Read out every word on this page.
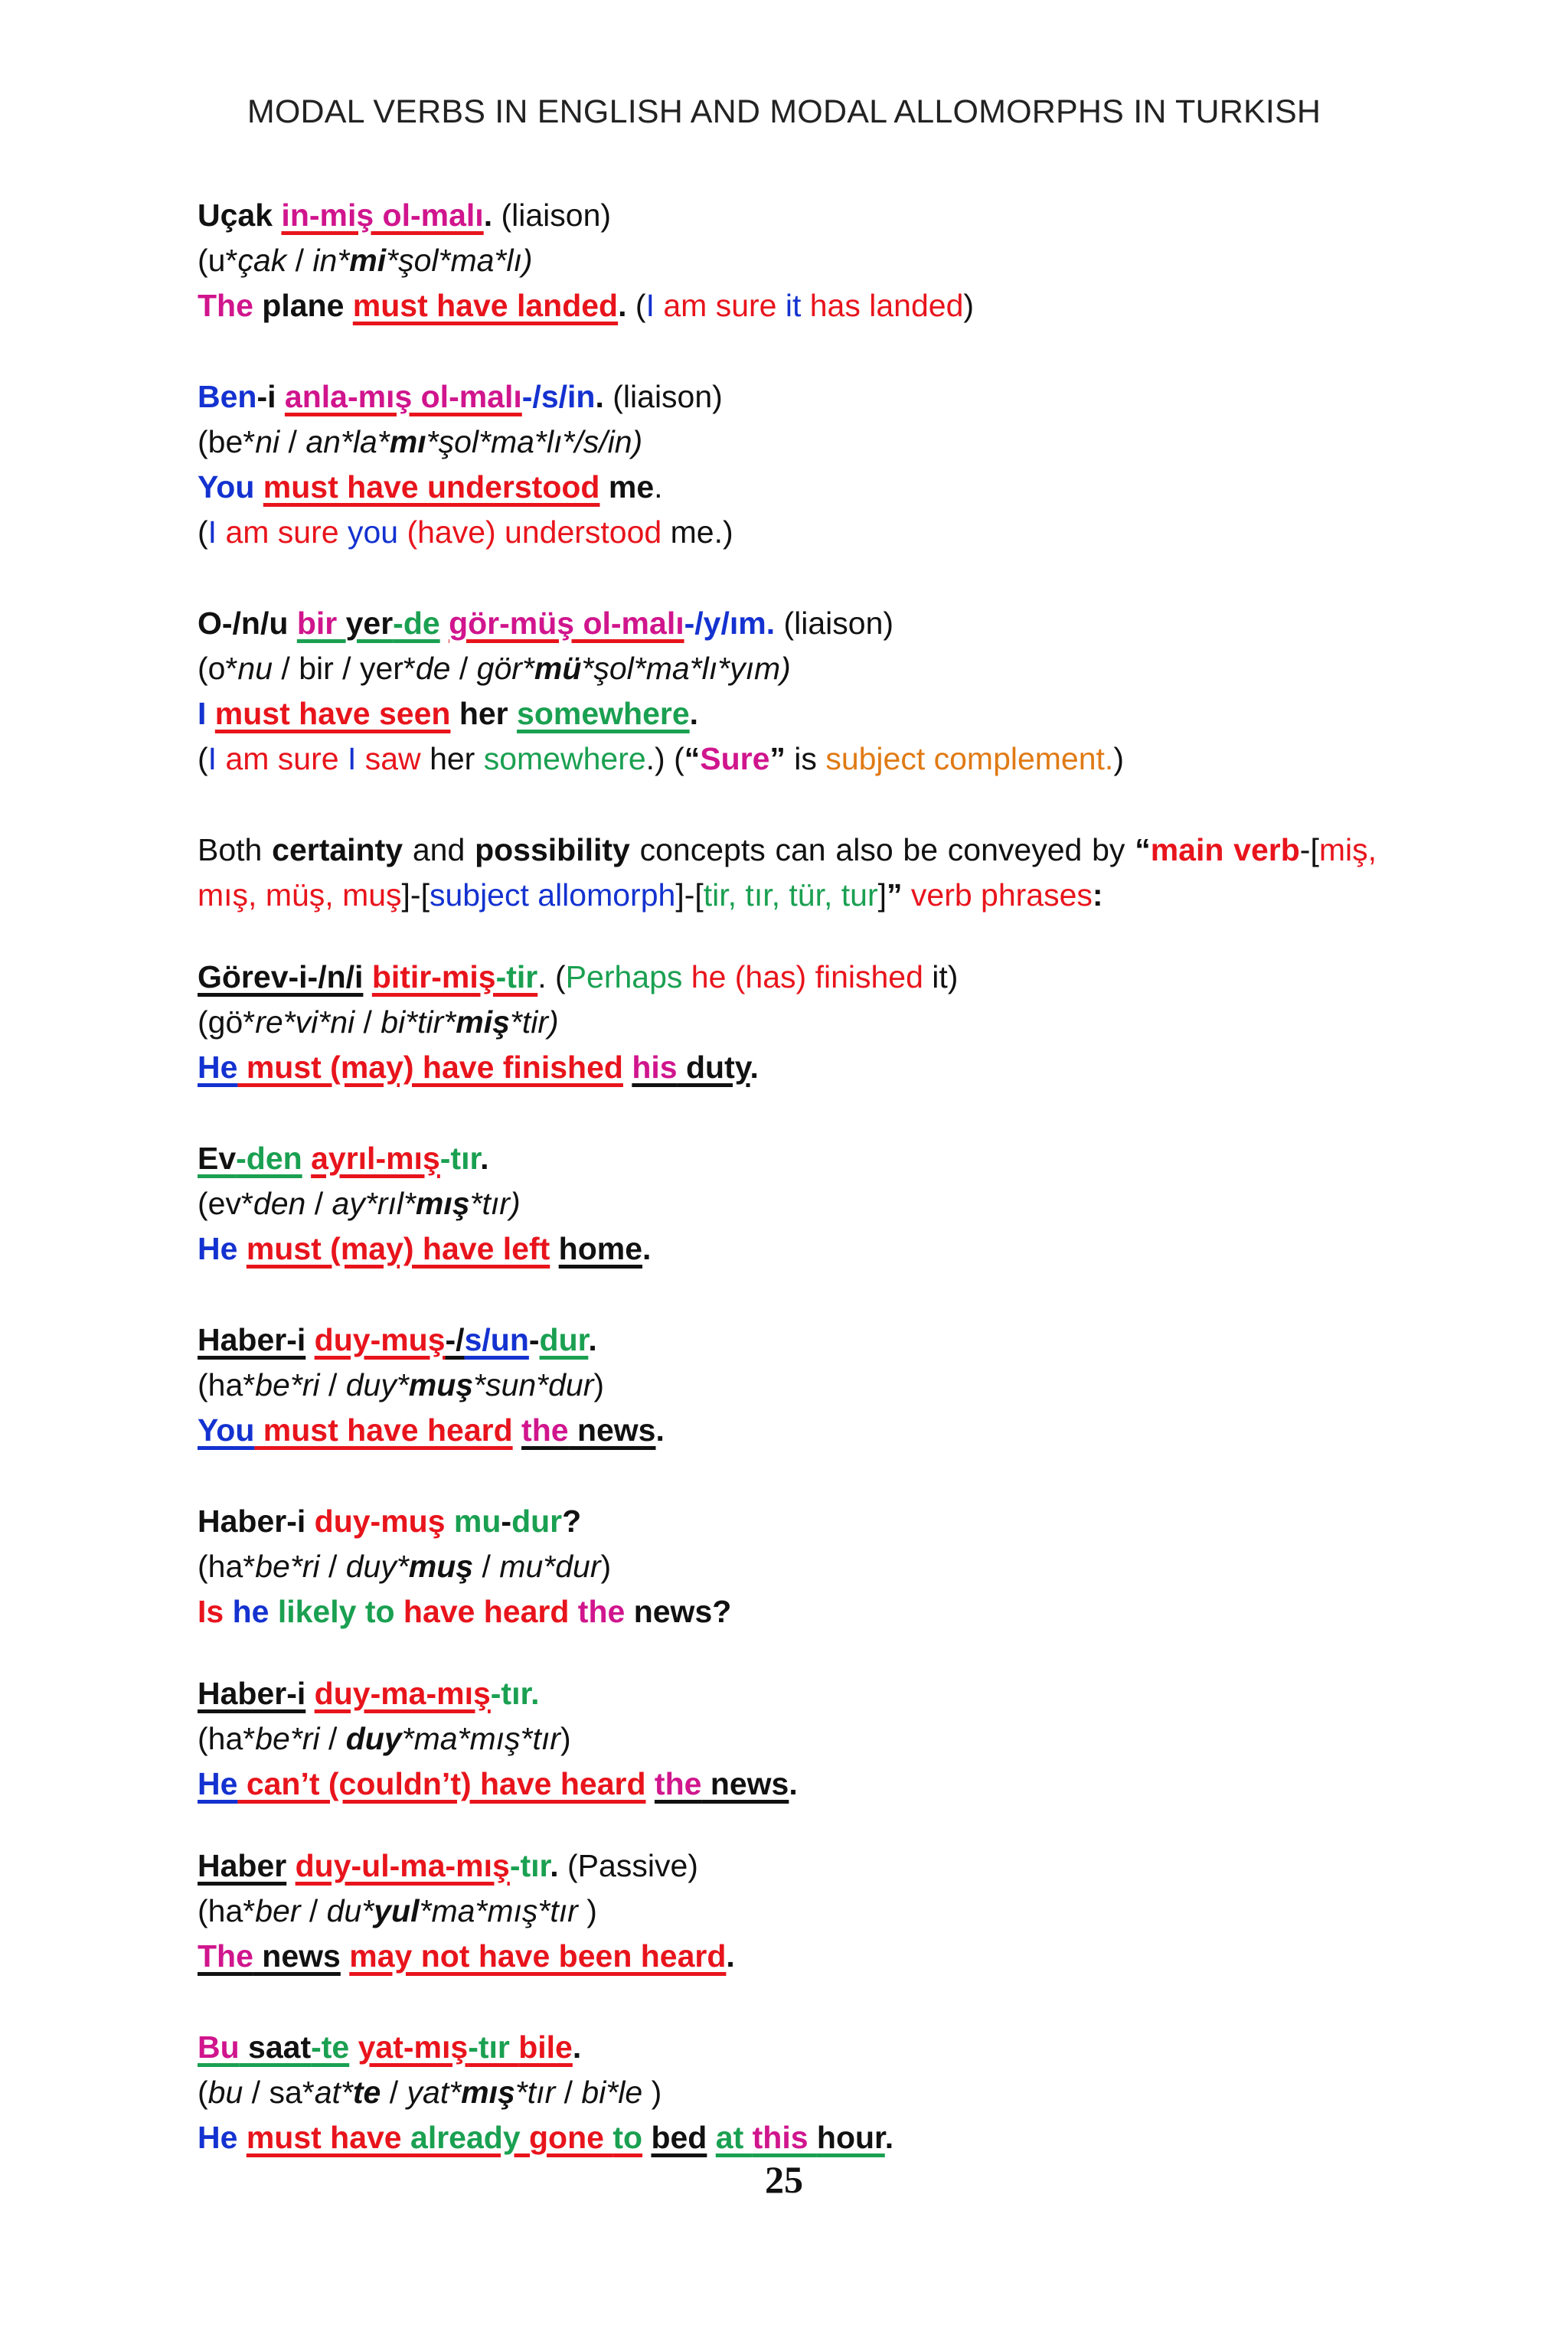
MODAL VERBS IN ENGLISH AND MODAL ALLOMORPHS IN TURKISH
Uçak in-miş ol-malı. (liaison)
(u*çak / in*mi*şol*ma*lı)
The plane must have landed. (I am sure it has landed)
Ben-i anla-mış ol-malı-/s/in. (liaison)
(be*ni / an*la*mı*şol*ma*lı*/s/in)
You must have understood me.
(I am sure you (have) understood me.)
O-/n/u bir yer-de gör-müş ol-malı-/y/ım. (liaison)
(o*nu / bir / yer*de / gör*mü*şol*ma*lı*yım)
I must have seen her somewhere.
(I am sure I saw her somewhere.) (“Sure” is subject complement.)
Both certainty and possibility concepts can also be conveyed by “main verb-[miş, mış, müş, muş]-[subject allomorph]-[tir, tır, tür, tur]” verb phrases:
Görev-i-/n/i bitir-miş-tir. (Perhaps he (has) finished it)
(gö*re*vi*ni / bi*tir*miş*tir)
He must (may) have finished his duty.
Ev-den ayrıl-mış-tır.
(ev*den / ay*rıl*mış*tır)
He must (may) have left home.
Haber-i duy-muş-/s/un-dur.
(ha*be*ri / duy*muş*sun*dur)
You must have heard the news.
Haber-i duy-muş mu-dur?
(ha*be*ri / duy*muş / mu*dur)
Is he likely to have heard the news?
Haber-i duy-ma-mış-tır.
(ha*be*ri / duy*ma*mış*tır)
He can’t (couldn’t) have heard the news.
Haber duy-ul-ma-mış-tır. (Passive)
(ha*ber / du*yul*ma*mış*tır )
The news may not have been heard.
Bu saat-te yat-mış-tır bile.
(bu / sa*at*te / yat*mış*tır / bi*le )
He must have already gone to bed at this hour.
25
